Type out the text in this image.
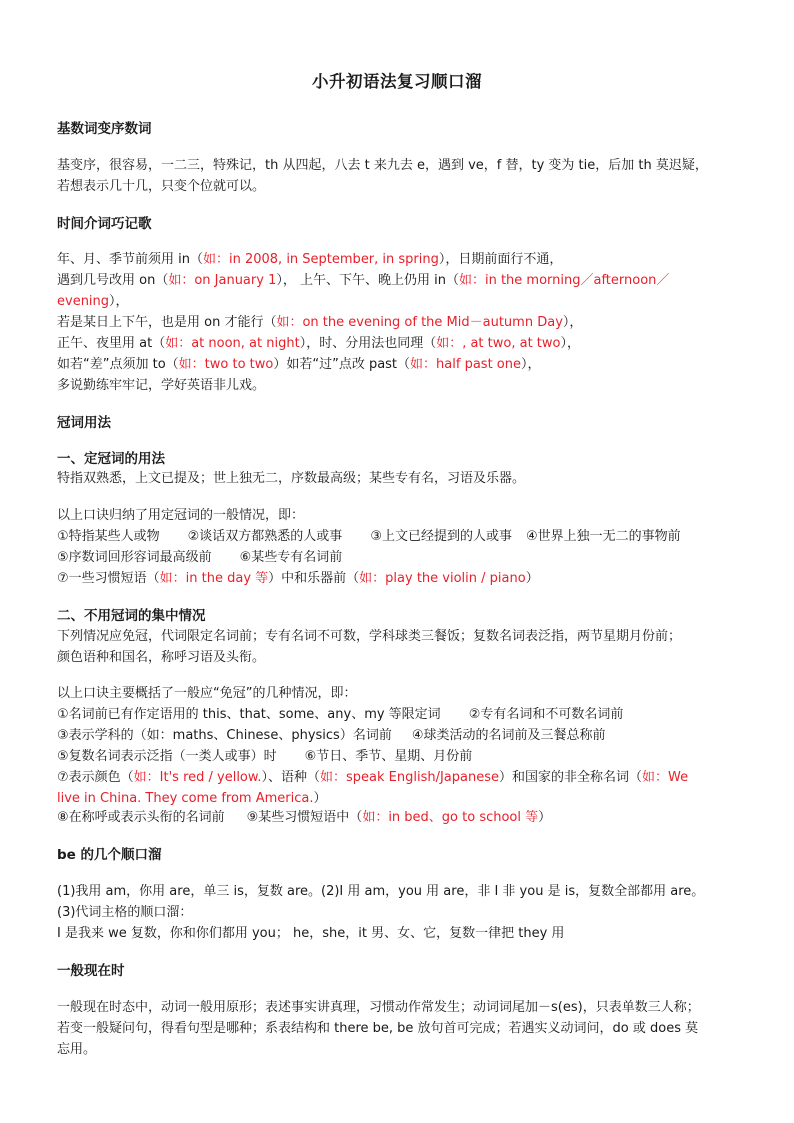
小升初语法复习顺口溜
基数词变序数词
基变序，很容易，一二三，特殊记，th 从四起，八去 t 来九去 e，遇到 ve，f 替，ty 变为 tie，后加 th 莫迟疑，
若想表示几十几，只变个位就可以。
时间介词巧记歌
年、月、季节前须用 in（如：in 2008, in September, in spring），日期前面行不通，
遇到几号改用 on（如：on January 1）， 上午、下午、晚上仍用 in（如：in the morning／afternoon／
evening），
若是某日上下午，也是用 on 才能行（如：on the evening of the Mid－autumn Day），
正午、夜里用 at（如：at noon, at night），时、分用法也同理（如：, at two, at two），
如若“差”点须加 to（如：two to two）如若“过”点改 past（如：half past one），
多说勤练牢牢记，学好英语非儿戏。
冠词用法
一、定冠词的用法
特指双熟悉，上文已提及；世上独无二，序数最高级；某些专有名，习语及乐器。
以上口诀归纳了用定冠词的一般情况，即：
①特指某些人或物 ②谈话双方都熟悉的人或事 ③上文已经提到的人或事 ④世界上独一无二的事物前
⑤序数词回形容词最高级前 ⑥某些专有名词前
⑦一些习惯短语（如：in the day 等）中和乐器前（如：play the violin / piano）
二、不用冠词的集中情况
下列情况应免冠，代词限定名词前；专有名词不可数，学科球类三餐饭；复数名词表泛指，两节星期月份前；
颜色语种和国名，称呼习语及头衔。
以上口诀主要概括了一般应“免冠”的几种情况，即：
①名词前已有作定语用的 this、that、some、any、my 等限定词 ②专有名词和不可数名词前
③表示学科的（如：maths、Chinese、physics）名词前 ④球类活动的名词前及三餐总称前
⑤复数名词表示泛指（一类人或事）时 ⑥节日、季节、星期、月份前
⑦表示颜色（如：It's red / yellow.）、语种（如：speak English/Japanese）和国家的非全称名词（如：We
live in China. They come from America.）
⑧在称呼或表示头衔的名词前 ⑨某些习惯短语中（如：in bed、go to school 等）
be 的几个顺口溜
(1)我用 am，你用 are，单三 is，复数 are。(2)I 用 am，you 用 are，非 I 非 you 是 is，复数全部都用 are。
(3)代词主格的顺口溜：
I 是我来 we 复数，你和你们都用 you； he，she，it 男、女、它，复数一律把 they 用
一般现在时
一般现在时态中，动词一般用原形；表述事实讲真理，习惯动作常发生；动词词尾加－s(es)，只表单数三人称；
若变一般疑问句，得看句型是哪种；系表结构和 there be, be 放句首可完成；若遇实义动词问，do 或 does 莫
忘用。
